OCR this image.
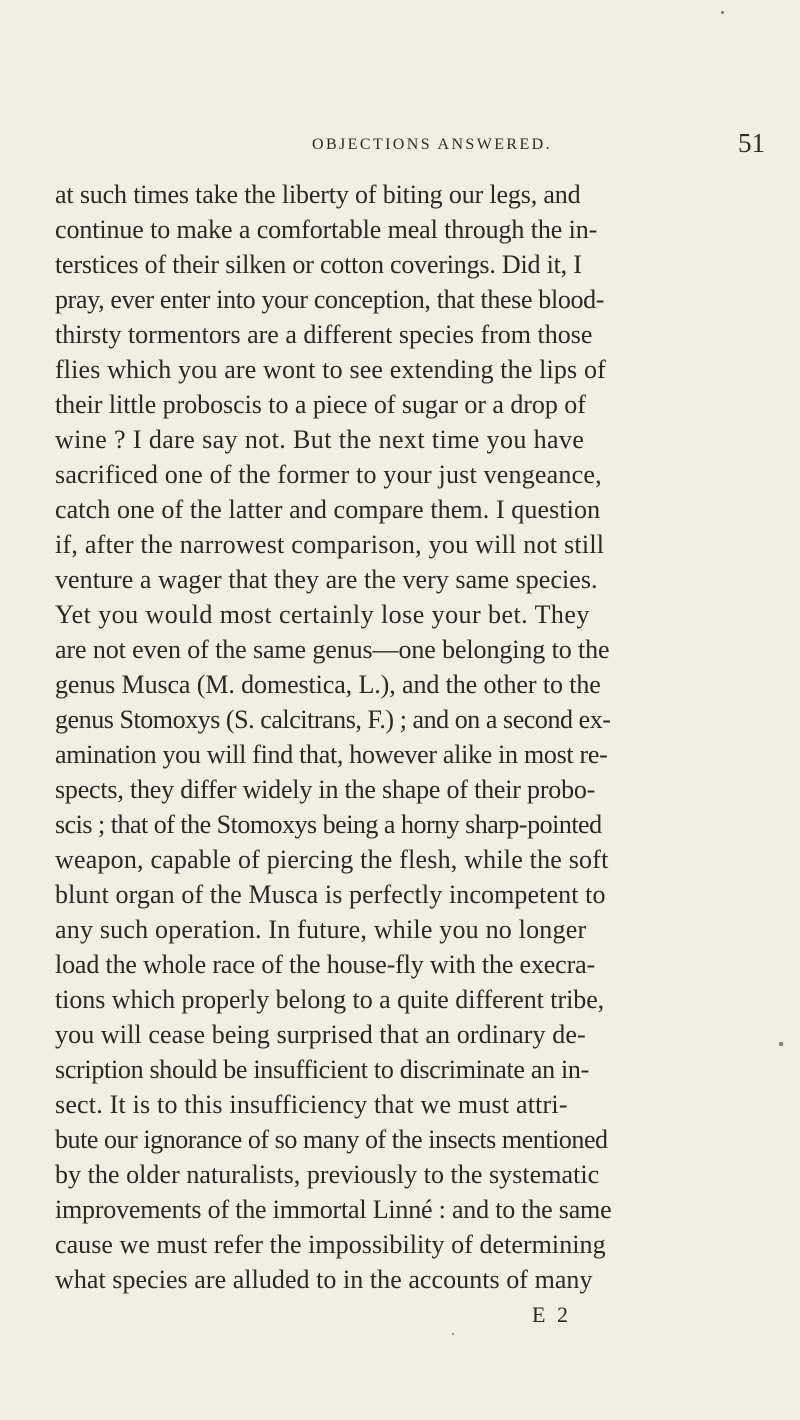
OBJECTIONS ANSWERED.	51
at such times take the liberty of biting our legs, and
continue to make a comfortable meal through the in-
terstices of their silken or cotton coverings. Did it, I
pray, ever enter into your conception, that these blood-
thirsty tormentors are a different species from those
flies which you are wont to see extending the lips of
their little proboscis to a piece of sugar or a drop of
wine ? I dare say not. But the next time you have
sacrificed one of the former to your just vengeance,
catch one of the latter and compare them. I question
if, after the narrowest comparison, you will not still
venture a wager that they are the very same species.
Yet you would most certainly lose your bet. They
are not even of the same genus—one belonging to the
genus Musca (M. domestica, L.), and the other to the
genus Stomoxys (S. calcitrans, F.) ; and on a second ex-
amination you will find that, however alike in most re-
spects, they differ widely in the shape of their probo-
scis ; that of the Stomoxys being a horny sharp-pointed
weapon, capable of piercing the flesh, while the soft
blunt organ of the Musca is perfectly incompetent to
any such operation. In future, while you no longer
load the whole race of the house-fly with the execra-
tions which properly belong to a quite different tribe,
you will cease being surprised that an ordinary de-
scription should be insufficient to discriminate an in-
sect. It is to this insufficiency that we must attri-
bute our ignorance of so many of the insects mentioned
by the older naturalists, previously to the systematic
improvements of the immortal Linné : and to the same
cause we must refer the impossibility of determining
what species are alluded to in the accounts of many
E 2
